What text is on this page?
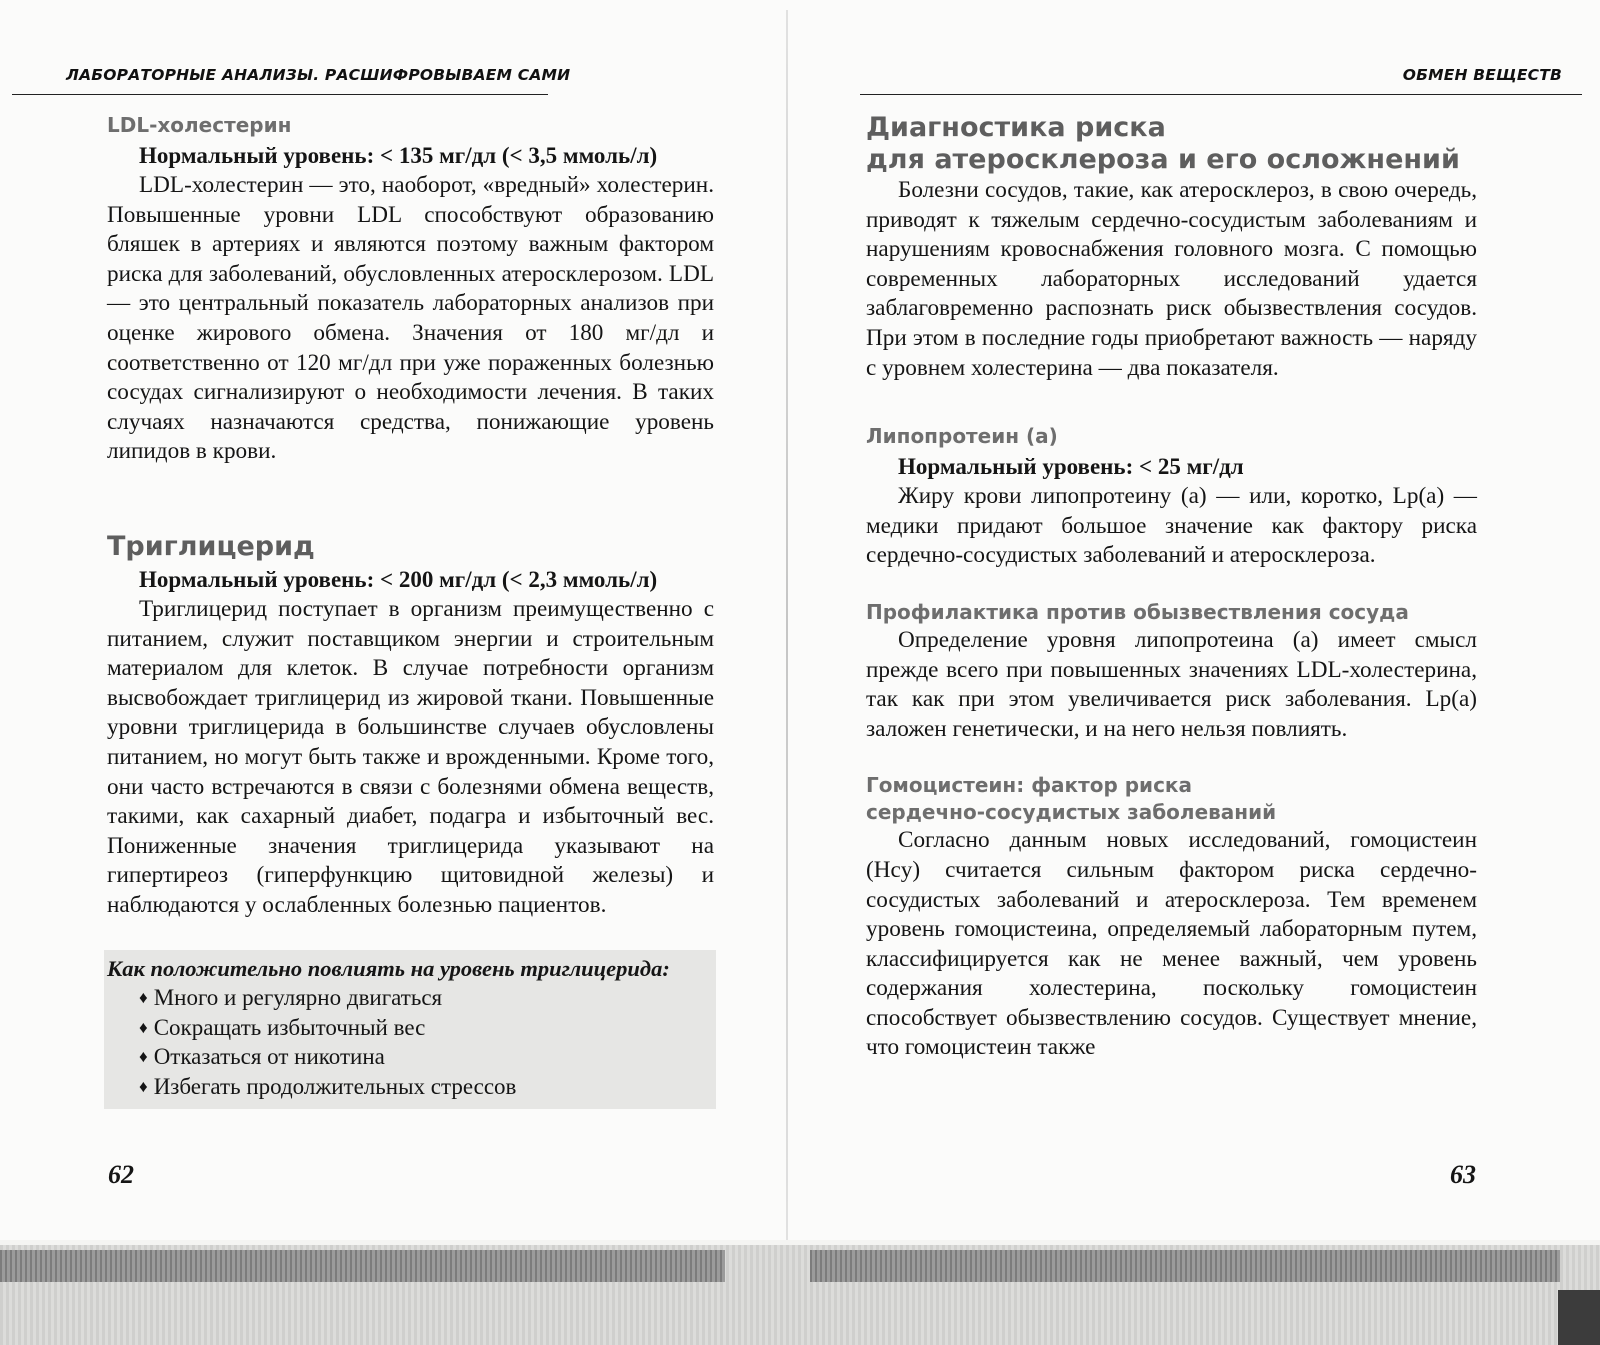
ЛАБОРАТОРНЫЕ АНАЛИЗЫ. РАСШИФРОВЫВАЕМ САМИ	ОБМЕН ВЕЩЕСТВ
LDL-холестерин

Нормальный уровень: < 135 мг/дл (< 3,5 ммоль/л)

LDL-холестерин — это, наоборот, «вредный» холестерин. Повышенные уровни LDL способствуют образованию бляшек в артериях и являются поэтому важным фактором риска для заболеваний, обусловленных атеросклерозом. LDL — это центральный показатель лабораторных анализов при оценке жирового обмена. Значения от 180 мг/дл и соответственно от 120 мг/дл при уже пораженных болезнью сосудах сигнализируют о необходимости лечения. В таких случаях назначаются средства, понижающие уровень липидов в крови.

Триглицерид

Нормальный уровень: < 200 мг/дл (< 2,3 ммоль/л)

Триглицерид поступает в организм преимущественно с питанием, служит поставщиком энергии и строительным материалом для клеток. В случае потребности организм высвобождает триглицерид из жировой ткани. Повышенные уровни триглицерида в большинстве случаев обусловлены питанием, но могут быть также и врожденными. Кроме того, они часто встречаются в связи с болезнями обмена веществ, такими, как сахарный диабет, подагра и избыточный вес. Пониженные значения триглицерида указывают на гипертиреоз (гиперфункцию щитовидной железы) и наблюдаются у ослабленных болезнью пациентов.

Как положительно повлиять на уровень триглицерида:
♦ Много и регулярно двигаться
♦ Сокращать избыточный вес
♦ Отказаться от никотина
♦ Избегать продолжительных стрессов
Диагностика риска
для атеросклероза и его осложнений

Болезни сосудов, такие, как атеросклероз, в свою очередь, приводят к тяжелым сердечно-сосудистым заболеваниям и нарушениям кровоснабжения головного мозга. С помощью современных лабораторных исследований удается заблаговременно распознать риск обызвествления сосудов. При этом в последние годы приобретают важность — наряду с уровнем холестерина — два показателя.

Липопротеин (а)

Нормальный уровень: < 25 мг/дл

Жиру крови липопротеину (а) — или, коротко, Lp(a) — медики придают большое значение как фактору риска сердечно-сосудистых заболеваний и атеросклероза.

Профилактика против обызвествления сосуда

Определение уровня липопротеина (а) имеет смысл прежде всего при повышенных значениях LDL-холестерина, так как при этом увеличивается риск заболевания. Lp(a) заложен генетически, и на него нельзя повлиять.

Гомоцистеин: фактор риска
сердечно-сосудистых заболеваний

Согласно данным новых исследований, гомоцистеин (Hcy) считается сильным фактором риска сердечно-сосудистых заболеваний и атеросклероза. Тем временем уровень гомоцистеина, определяемый лабораторным путем, классифицируется как не менее важный, чем уровень содержания холестерина, поскольку гомоцистеин способствует обызвествлению сосудов. Существует мнение, что гомоцистеин также

62	63
